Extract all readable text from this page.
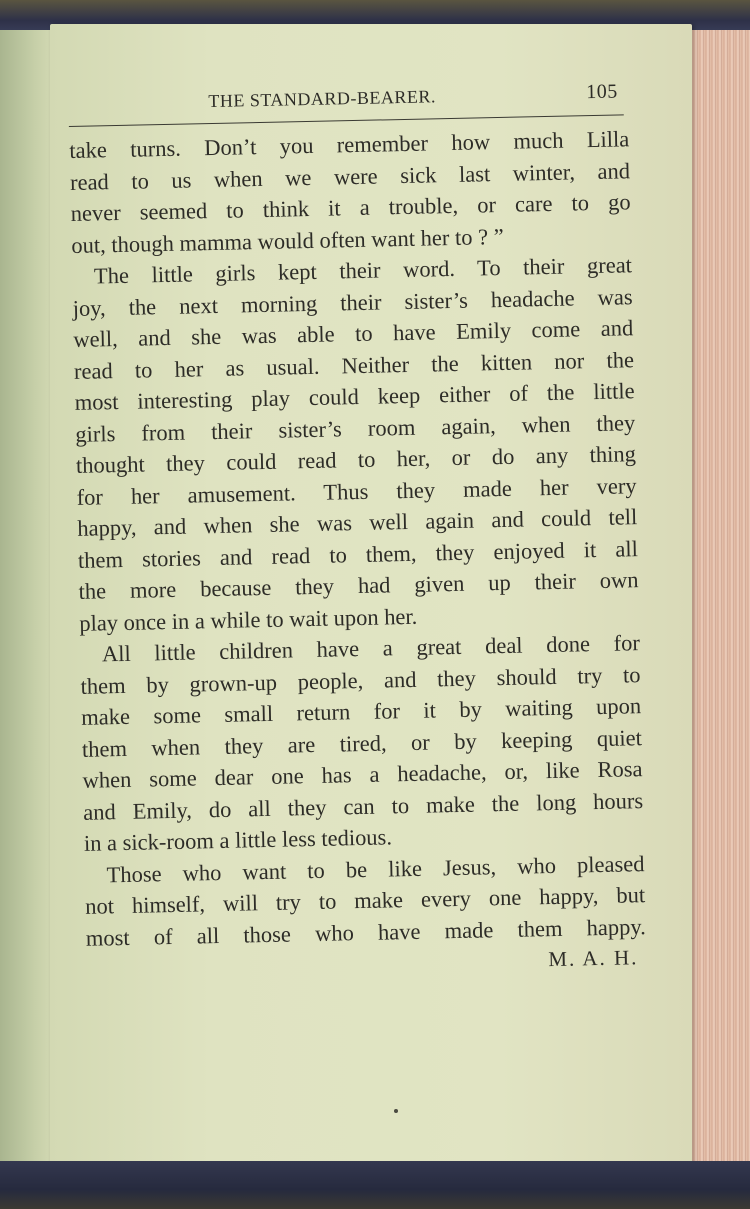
THE STANDARD-BEARER.	105
take turns. Don’t you remember how much Lilla
read to us when we were sick last winter, and
never seemed to think it a trouble, or care to go
out, though mamma would often want her to ? ”
The little girls kept their word. To their great
joy, the next morning their sister’s headache was
well, and she was able to have Emily come and
read to her as usual. Neither the kitten nor the
most interesting play could keep either of the little
girls from their sister’s room again, when they
thought they could read to her, or do any thing
for her amusement. Thus they made her very
happy, and when she was well again and could tell
them stories and read to them, they enjoyed it all
the more because they had given up their own
play once in a while to wait upon her.
All little children have a great deal done for
them by grown-up people, and they should try to
make some small return for it by waiting upon
them when they are tired, or by keeping quiet
when some dear one has a headache, or, like Rosa
and Emily, do all they can to make the long hours
in a sick-room a little less tedious.
Those who want to be like Jesus, who pleased
not himself, will try to make every one happy, but
most of all those who have made them happy.
M. A. H.
